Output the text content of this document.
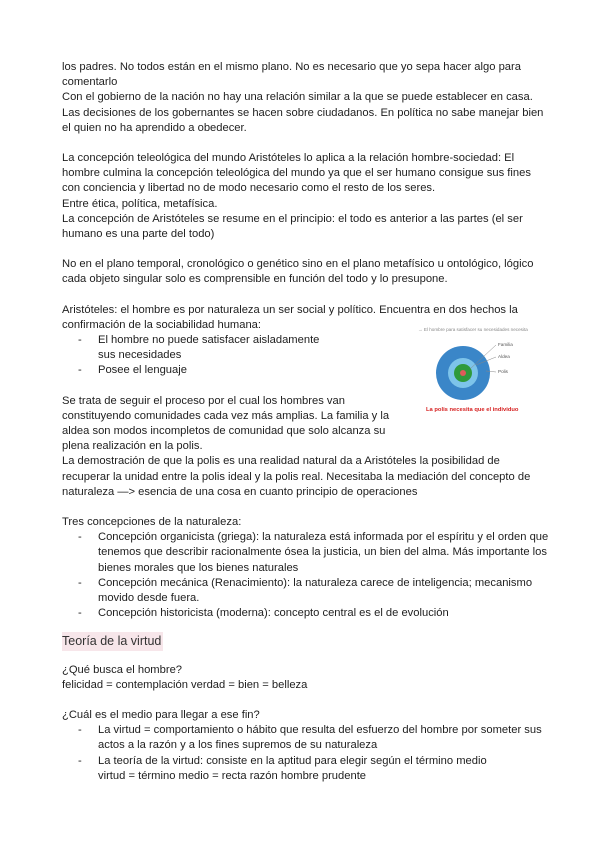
los padres. No todos están en el mismo plano. No es necesario que yo sepa hacer algo para comentarlo

Con el gobierno de la nación no hay una relación similar a la que se puede establecer en casa. Las decisiones de los gobernantes se hacen sobre ciudadanos. En política no sabe manejar bien el quien no ha aprendido a obedecer.

La concepción teleológica del mundo Aristóteles lo aplica a la relación hombre-sociedad: El hombre culmina la concepción teleológica del mundo ya que el ser humano consigue sus fines con conciencia y libertad no de modo necesario como el resto de los seres.

Entre ética, política, metafísica.

La concepción de Aristóteles se resume en el principio: el todo es anterior a las partes (el ser humano es una parte del todo)

No en el plano temporal, cronológico o genético sino en el plano metafísico u ontológico, lógico cada objeto singular solo es comprensible en función del todo y lo presupone.

Aristóteles: el hombre es por naturaleza un ser social y político. Encuentra en dos hechos la confirmación de la sociabilidad humana:

- El hombre no puede satisfacer aisladamente sus necesidades
- Posee el lenguaje

Se trata de seguir el proceso por el cual los hombres van constituyendo comunidades cada vez más amplias. La familia y la aldea son modos incompletos de comunidad que solo alcanza su plena realización en la polis.

La demostración de que la polis es una realidad natural da a Aristóteles la posibilidad de recuperar la unidad entre la polis ideal y la polis real. Necesitaba la mediación del concepto de naturaleza —> esencia de una cosa en cuanto principio de operaciones

Tres concepciones de la naturaleza:

- Concepción organicista (griega): la naturaleza está informada por el espíritu y el orden que tenemos que describir racionalmente ósea la justicia, un bien del alma. Más importante los bienes morales que los bienes naturales
- Concepción mecánica (Renacimiento): la naturaleza carece de inteligencia; mecanismo movido desde fuera.
- Concepción historicista (moderna): concepto central es el de evolución
Teoría de la virtud

¿Qué busca el hombre?

felicidad = contemplación verdad = bien = belleza

¿Cuál es el medio para llegar a ese fin?

- La virtud = comportamiento o hábito que resulta del esfuerzo del hombre por someter sus actos a la razón y a los fines supremos de su naturaleza
- La teoría de la virtud: consiste en la aptitud para elegir según el término medio
virtud = término medio = recta razón hombre prudente
→ El hombre para satisfacer su necesidades necesita
Familia
Aldea
Polis
La polis necesita que el individuo
